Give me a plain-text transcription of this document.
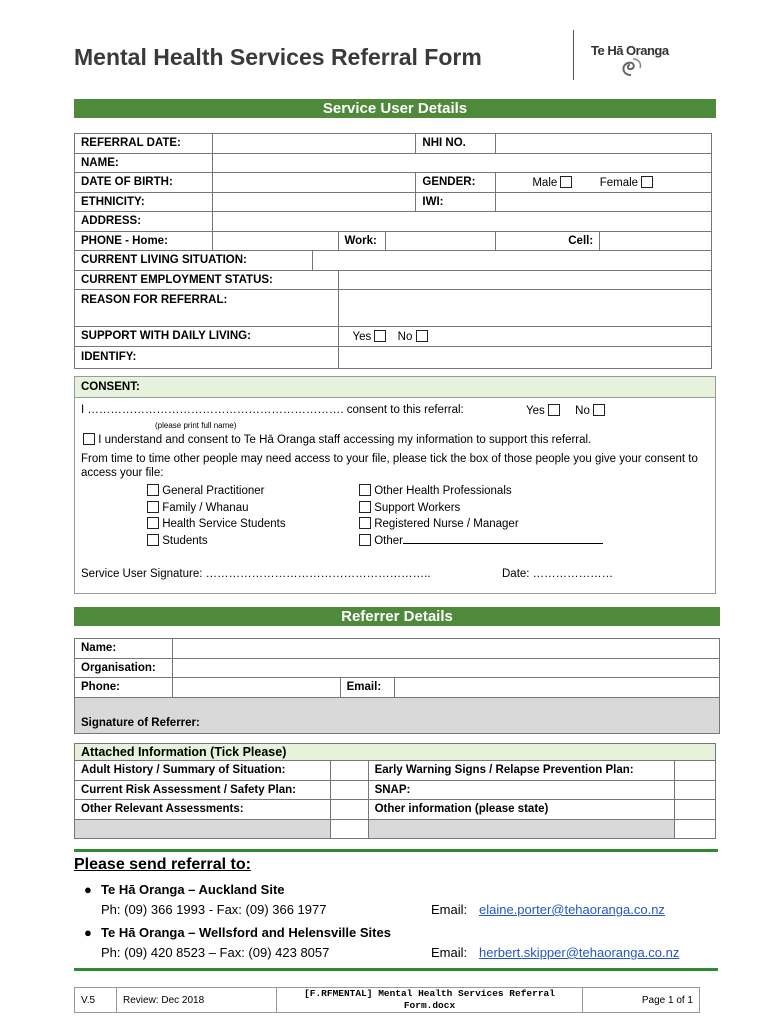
Mental Health Services Referral Form	Te Hā Oranga
Service User Details
REFERRAL DATE:					NHI NO.		
NAME:							
DATE OF BIRTH:					GENDER:	Male Female	
ETHNICITY:					IWI:		
ADDRESS:							
PHONE - Home:			Work:			Cell:	
CURRENT LIVING SITUATION:							
CURRENT EMPLOYMENT STATUS:							
REASON FOR REFERRAL:							
SUPPORT WITH DAILY LIVING:			Yes No				
IDENTIFY:							
CONSENT:
I …………………………………………………………. consent to this referral:	Yes	No
(please print full name)
I understand and consent to Te Hā Oranga staff accessing my information to support this referral.
From time to time other people may need access to your file, please tick the box of those people you give your consent to access your file:
General Practitioner
Family / Whanau
Health Service Students
Students
Other Health Professionals
Support Workers
Registered Nurse / Manager
Other
Service User Signature: …………………………………………………..	Date: …………………
Referrer Details
Name:			
Organisation:			
Phone:		Email:	
Signature of Referrer:			
Attached Information (Tick Please)			
Adult History / Summary of Situation:		Early Warning Signs / Relapse Prevention Plan:	
Current Risk Assessment / Safety Plan:		SNAP:	
Other Relevant Assessments:		Other information (please state)	

Please send referral to:
● Te Hā Oranga – Auckland Site
Ph: (09) 366 1993 - Fax: (09) 366 1977	Email: elaine.porter@tehaoranga.co.nz
● Te Hā Oranga – Wellsford and Helensville Sites
Ph: (09) 420 8523 – Fax: (09) 423 8057	Email: herbert.skipper@tehaoranga.co.nz
V.5	Review: Dec 2018	[F.RFMENTAL] Mental Health Services Referral Form.docx	Page 1 of 1
